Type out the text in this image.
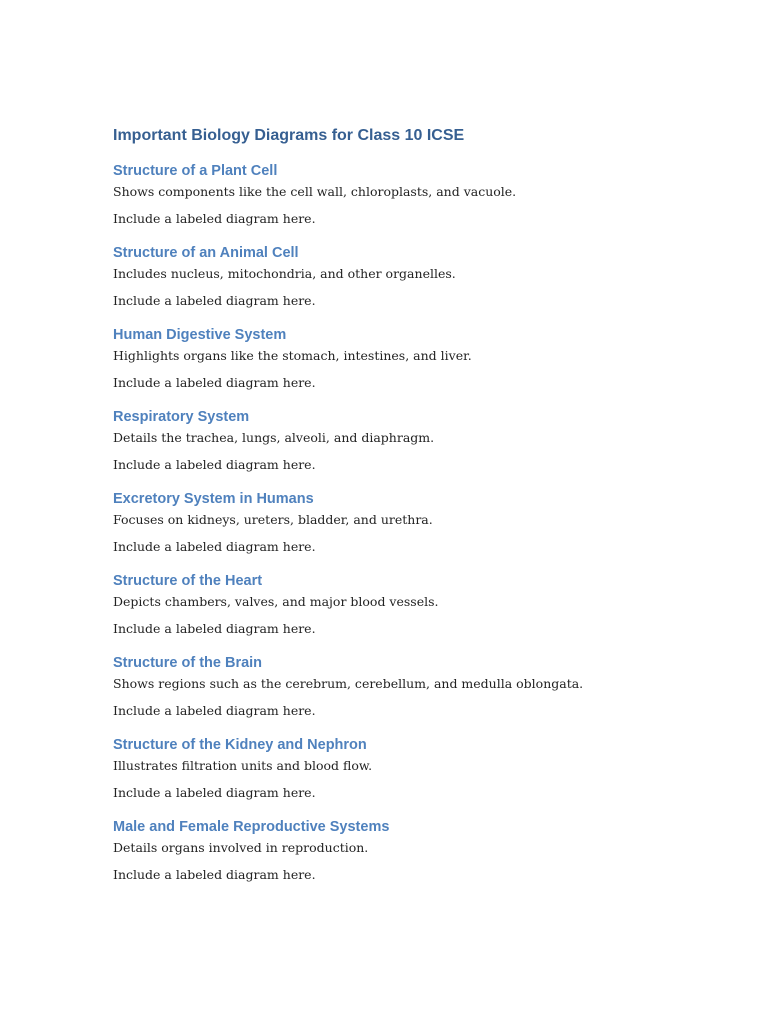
Important Biology Diagrams for Class 10 ICSE
Structure of a Plant Cell

Shows components like the cell wall, chloroplasts, and vacuole.

Include a labeled diagram here.

Structure of an Animal Cell

Includes nucleus, mitochondria, and other organelles.

Include a labeled diagram here.

Human Digestive System

Highlights organs like the stomach, intestines, and liver.

Include a labeled diagram here.

Respiratory System

Details the trachea, lungs, alveoli, and diaphragm.

Include a labeled diagram here.

Excretory System in Humans

Focuses on kidneys, ureters, bladder, and urethra.

Include a labeled diagram here.

Structure of the Heart

Depicts chambers, valves, and major blood vessels.

Include a labeled diagram here.

Structure of the Brain

Shows regions such as the cerebrum, cerebellum, and medulla oblongata.

Include a labeled diagram here.

Structure of the Kidney and Nephron

Illustrates filtration units and blood flow.

Include a labeled diagram here.

Male and Female Reproductive Systems

Details organs involved in reproduction.

Include a labeled diagram here.
